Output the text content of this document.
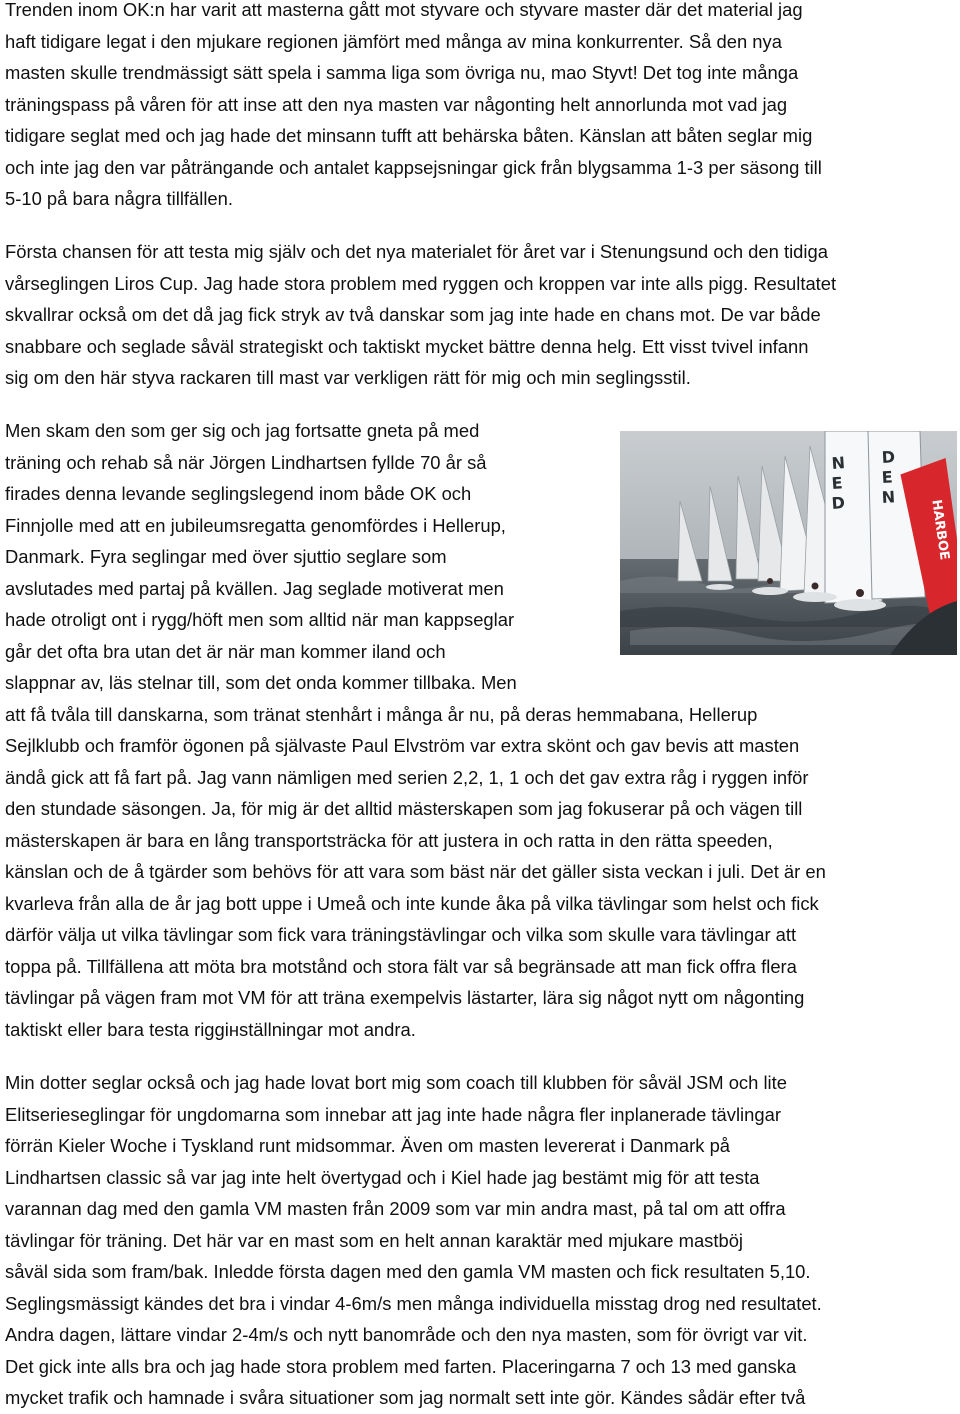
Trenden inom OK:n har varit att masterna gått mot styvare och styvare master där det material jag
haft tidigare legat i den mjukare regionen jämfört med många av mina konkurrenter. Så den nya
masten skulle trendmässigt sätt spela i samma liga som övriga nu, mao Styvt! Det tog inte många
träningspass på våren för att inse att den nya masten var någonting helt annorlunda mot vad jag
tidigare seglat med och jag hade det minsann tufft att behärska båten. Känslan att båten seglar mig
och inte jag den var påträngande och antalet kappsejsningar gick från blygsamma 1-3 per säsong till
5-10 på bara några tillfällen.

Första chansen för att testa mig själv och det nya materialet för året var i Stenungsund och den tidiga
vårseglingen Liros Cup. Jag hade stora problem med ryggen och kroppen var inte alls pigg. Resultatet
skvallrar också om det då jag fick stryk av två danskar som jag inte hade en chans mot. De var både
snabbare och seglade såväl strategiskt och taktiskt mycket bättre denna helg. Ett visst tvivel infann
sig om den här styva rackaren till mast var verkligen rätt för mig och min seglingsstil.

Men skam den som ger sig och jag fortsatte gneta på med
träning och rehab så när Jörgen Lindhartsen fyllde 70 år så
firades denna levande seglingslegend inom både OK och
Finnjolle med att en jubileumsregatta genomfördes i Hellerup,
Danmark. Fyra seglingar med över sjuttio seglare som
avslutades med partaj på kvällen. Jag seglade motiverat men
hade otroligt ont i rygg/höft men som alltid när man kappseglar
går det ofta bra utan det är när man kommer iland och
slappnar av, läs stelnar till, som det onda kommer tillbaka. Men
att få tvåla till danskarna, som tränat stenhårt i många år nu, på deras hemmabana, Hellerup
Sejlklubb och framför ögonen på självaste Paul Elvström var extra skönt och gav bevis att masten
ändå gick att få fart på. Jag vann nämligen med serien 2,2, 1, 1 och det gav extra råg i ryggen inför
den stundade säsongen. Ja, för mig är det alltid mästerskapen som jag fokuserar på och vägen till
mästerskapen är bara en lång transportsträcka för att justera in och ratta in den rätta speeden,
känslan och de å tgärder som behövs för att vara som bäst när det gäller sista veckan i juli. Det är en
kvarleva från alla de år jag bott uppe i Umeå och inte kunde åka på vilka tävlingar som helst och fick
därför välja ut vilka tävlingar som fick vara träningstävlingar och vilka som skulle vara tävlingar att
toppa på. Tillfällena att möta bra motstånd och stora fält var så begränsade att man fick offra flera
tävlingar på vägen fram mot VM för att träna exempelvis lästarter, lära sig något nytt om någonting
taktiskt eller bara testa riggінställningar mot andra.

Min dotter seglar också och jag hade lovat bort mig som coach till klubben för såväl JSM och lite
Elitserieseglingar för ungdomarna som innebar att jag inte hade några fler inplanerade tävlingar
förrän Kieler Woche i Tyskland runt midsommar. Även om masten levererat i Danmark på
Lindhartsen classic så var jag inte helt övertygad och i Kiel hade jag bestämt mig för att testa
varannan dag med den gamla VM masten från 2009 som var min andra mast, på tal om att offra
tävlingar för träning. Det här var en mast som en helt annan karaktär med mjukare mastböj
såväl sida som fram/bak. Inledde första dagen med den gamla VM masten och fick resultaten 5,10.
Seglingsmässigt kändes det bra i vindar 4-6m/s men många individuella misstag drog ned resultatet.
Andra dagen, lättare vindar 2-4m/s och nytt banområde och den nya masten, som för övrigt var vit.
Det gick inte alls bra och jag hade stora problem med farten. Placeringarna 7 och 13 med ganska
mycket trafik och hamnade i svåra situationer som jag normalt sett inte gör. Kändes sådär efter två

N
E
D
D
E
N
HARBOE
